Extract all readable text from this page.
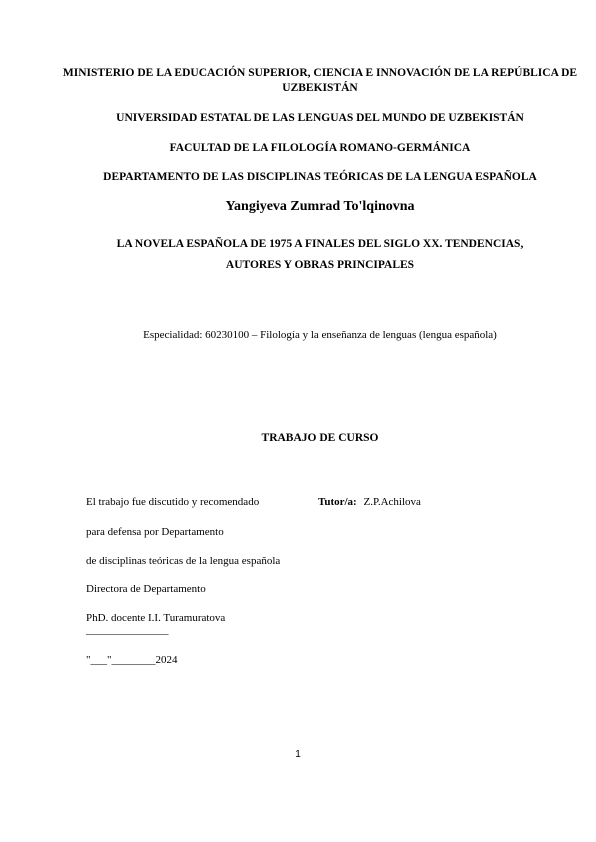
MINISTERIO DE LA EDUCACIÓN SUPERIOR, CIENCIA E INNOVACIÓN DE LA REPÚBLICA DE UZBEKISTÁN
UNIVERSIDAD ESTATAL DE LAS LENGUAS DEL MUNDO DE UZBEKISTÁN
FACULTAD DE LA FILOLOGÍA ROMANO-GERMÁNICA
DEPARTAMENTO DE LAS DISCIPLINAS TEÓRICAS DE LA LENGUA ESPAÑOLA
Yangiyeva Zumrad To'lqinovna
LA NOVELA ESPAÑOLA DE 1975 A FINALES DEL SIGLO XX. TENDENCIAS,
AUTORES Y OBRAS PRINCIPALES
Especialidad: 60230100 – Filología y la enseñanza de lenguas (lengua española)
TRABAJO DE CURSO
El trabajo fue discutido y recomendado	Tutor/a: Z.P.Achilova
para defensa por Departamento
de disciplinas teóricas de la lengua española
Directora de Departamento
PhD. docente I.I. Turamuratova
_______________
"___"________2024
1
